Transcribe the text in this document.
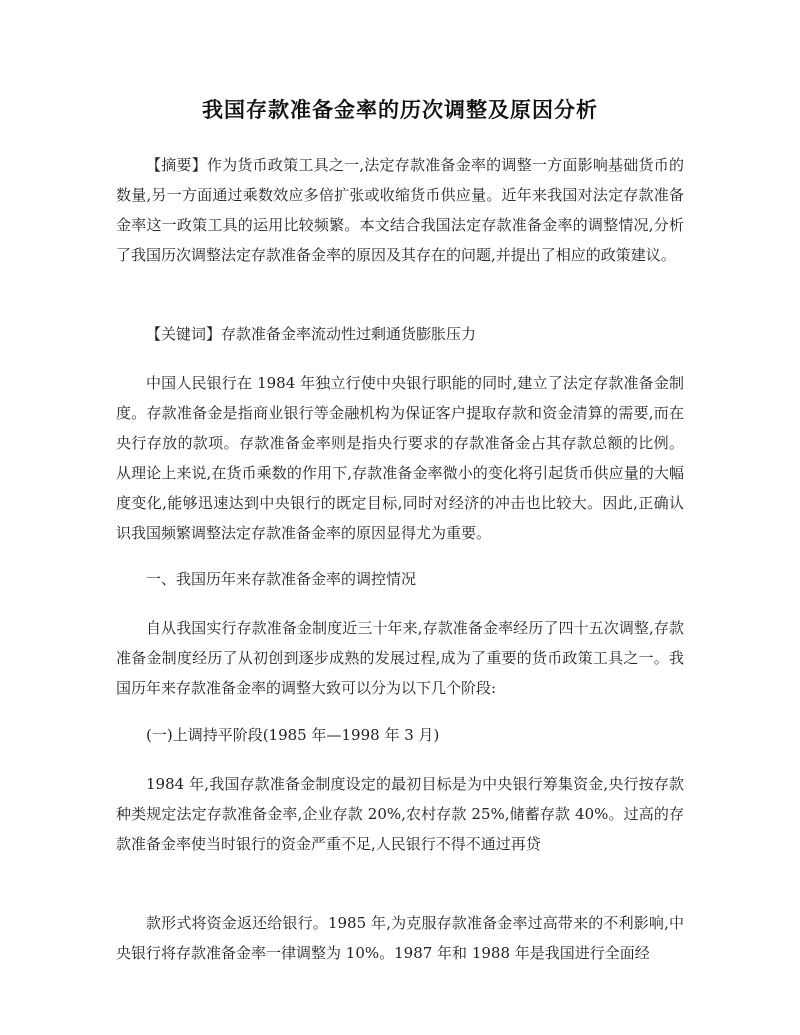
我国存款准备金率的历次调整及原因分析

【摘要】作为货币政策工具之一,法定存款准备金率的调整一方面影响基础货币的数量,另一方面通过乘数效应多倍扩张或收缩货币供应量。近年来我国对法定存款准备金率这一政策工具的运用比较频繁。本文结合我国法定存款准备金率的调整情况,分析了我国历次调整法定存款准备金率的原因及其存在的问题,并提出了相应的政策建议。

【关键词】存款准备金率流动性过剩通货膨胀压力

中国人民银行在 1984 年独立行使中央银行职能的同时,建立了法定存款准备金制度。存款准备金是指商业银行等金融机构为保证客户提取存款和资金清算的需要,而在央行存放的款项。存款准备金率则是指央行要求的存款准备金占其存款总额的比例。从理论上来说,在货币乘数的作用下,存款准备金率微小的变化将引起货币供应量的大幅度变化,能够迅速达到中央银行的既定目标,同时对经济的冲击也比较大。因此,正确认识我国频繁调整法定存款准备金率的原因显得尤为重要。

一、我国历年来存款准备金率的调控情况

自从我国实行存款准备金制度近三十年来,存款准备金率经历了四十五次调整,存款准备金制度经历了从初创到逐步成熟的发展过程,成为了重要的货币政策工具之一。我国历年来存款准备金率的调整大致可以分为以下几个阶段:

(一)上调持平阶段(1985 年—1998 年 3 月)

1984 年,我国存款准备金制度设定的最初目标是为中央银行筹集资金,央行按存款种类规定法定存款准备金率,企业存款 20%,农村存款 25%,储蓄存款 40%。过高的存款准备金率使当时银行的资金严重不足,人民银行不得不通过再贷

款形式将资金返还给银行。1985 年,为克服存款准备金率过高带来的不利影响,中央银行将存款准备金率一律调整为 10%。1987 年和 1988 年是我国进行全面经
